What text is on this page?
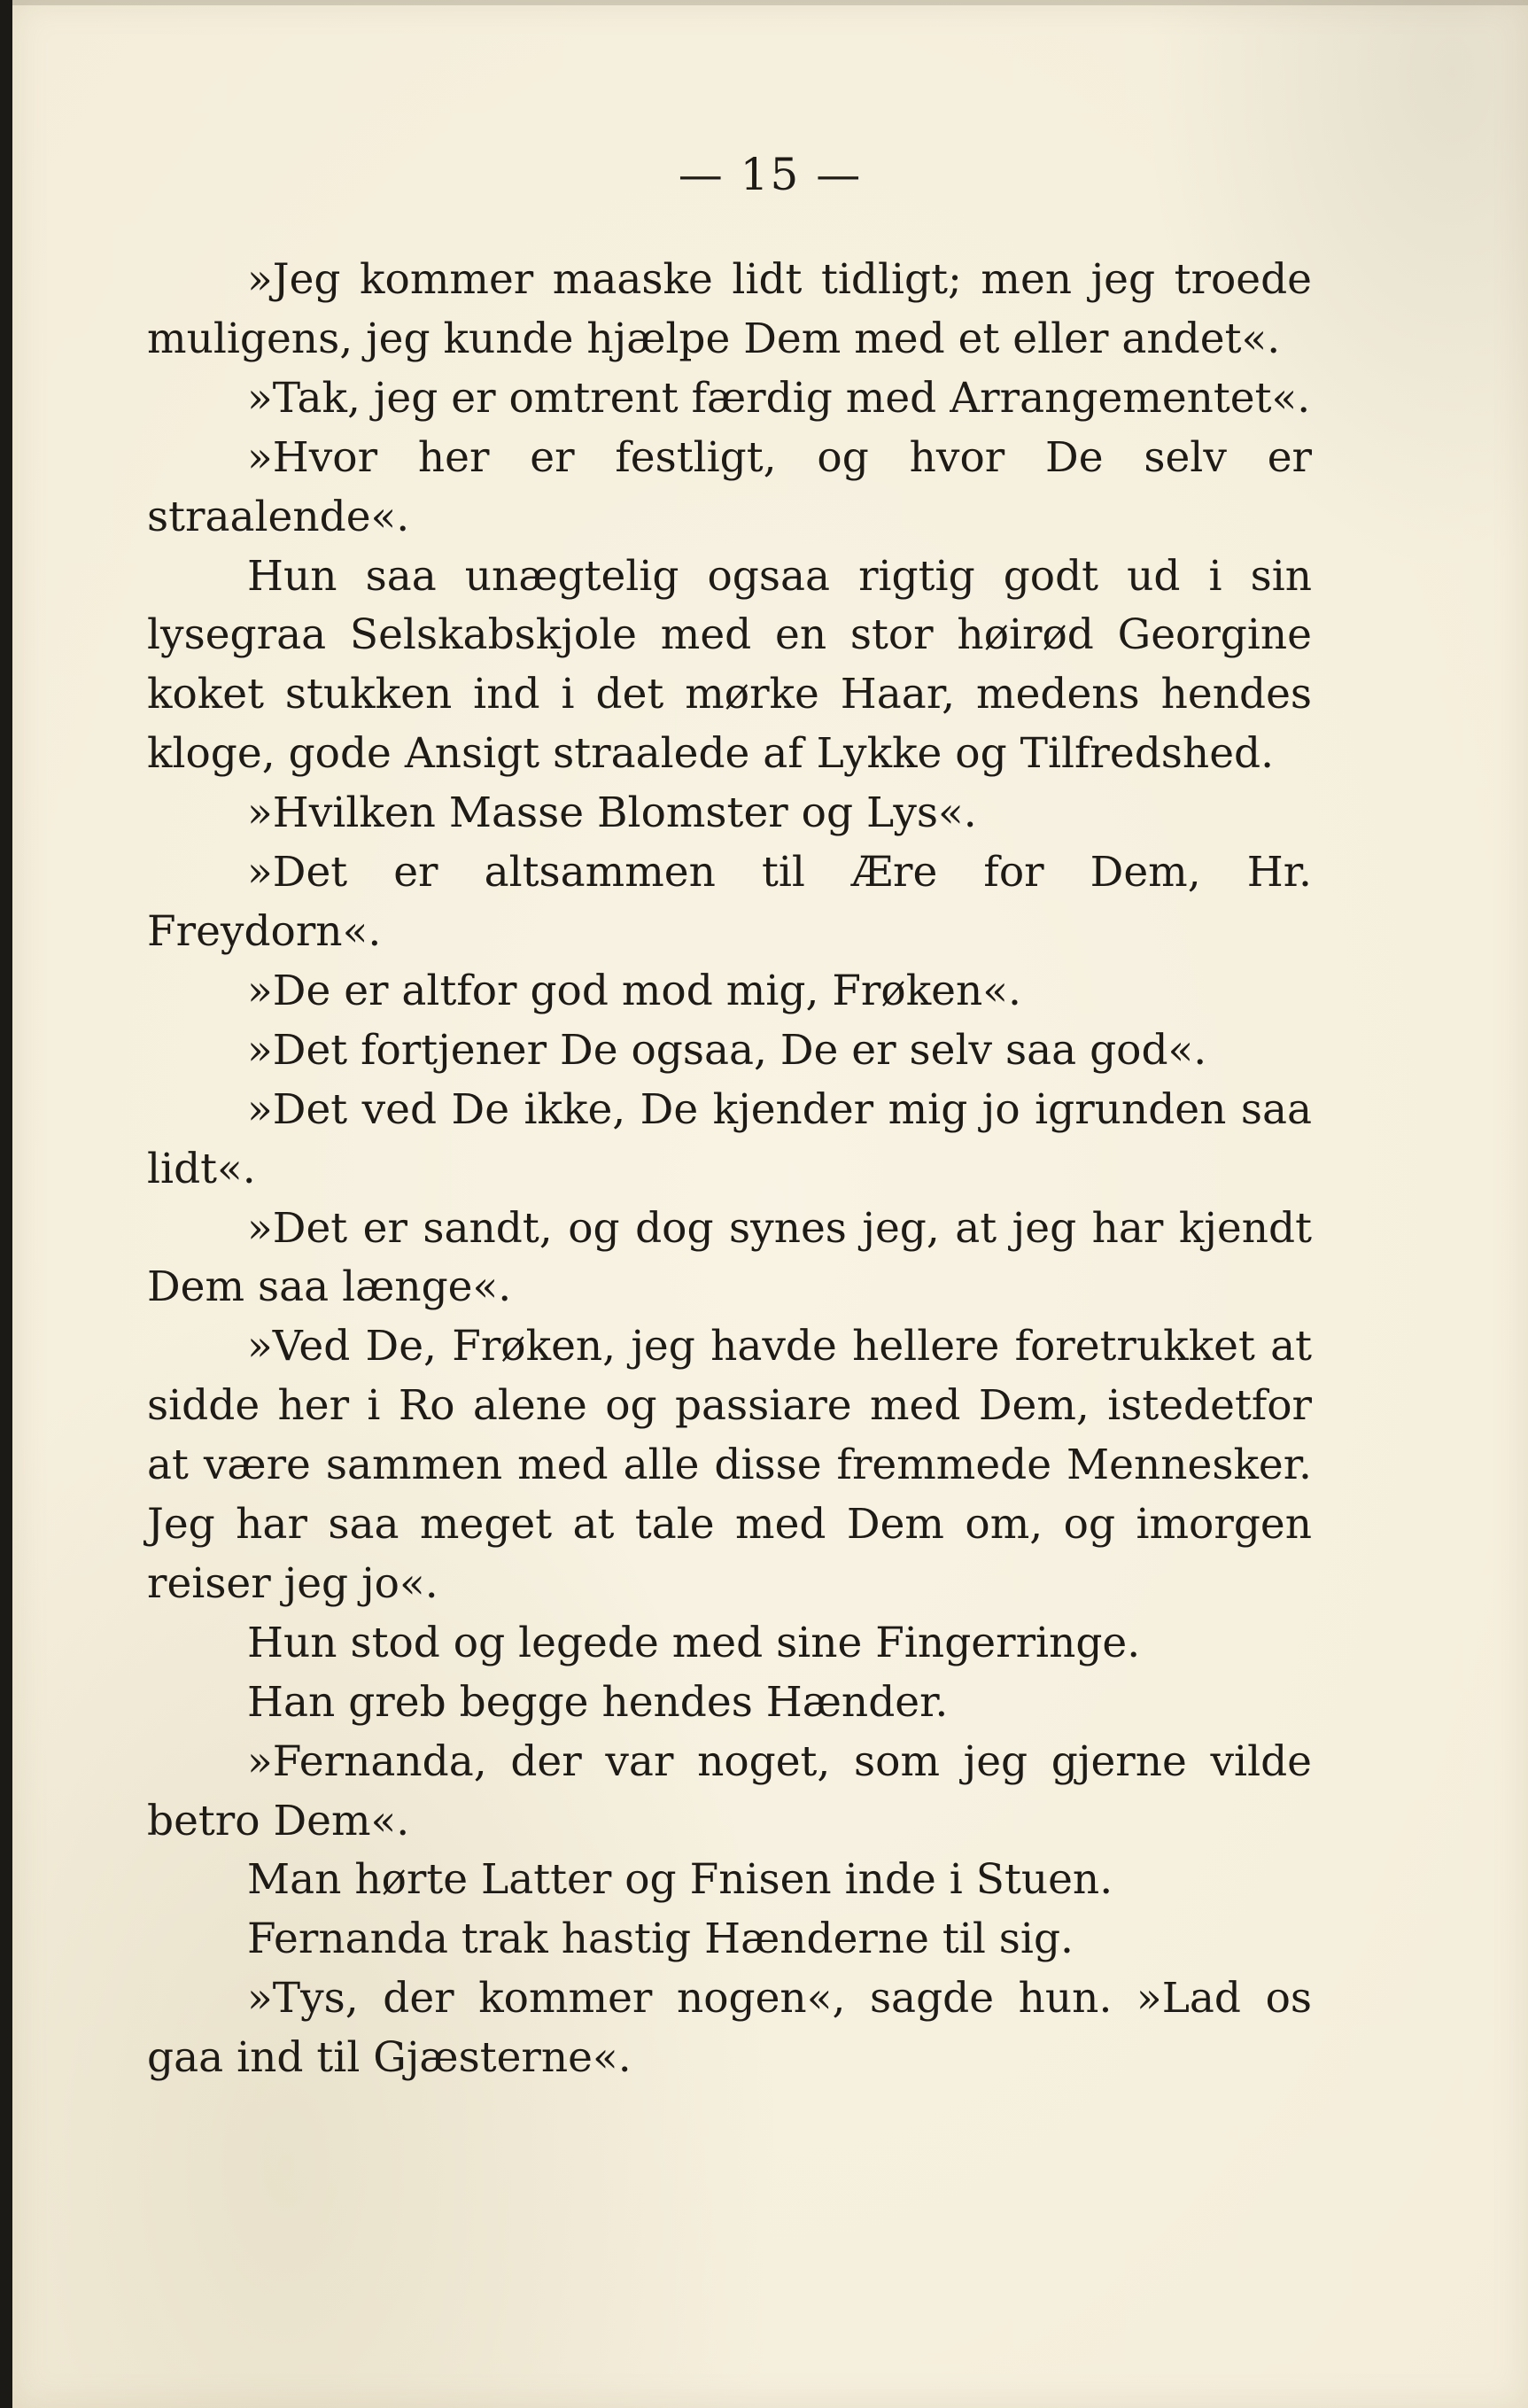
— 15 —

»Jeg kommer maaske lidt tidligt; men jeg troede muligens, jeg kunde hjælpe Dem med et eller andet«.

»Tak, jeg er omtrent færdig med Arrangementet«.

»Hvor her er festligt, og hvor De selv er straalende«.

Hun saa unægtelig ogsaa rigtig godt ud i sin lysegraa Selskabskjole med en stor høirød Georgine koket stukken ind i det mørke Haar, medens hendes kloge, gode Ansigt straalede af Lykke og Tilfredshed.

»Hvilken Masse Blomster og Lys«.

»Det er altsammen til Ære for Dem, Hr. Freydorn«.

»De er altfor god mod mig, Frøken«.

»Det fortjener De ogsaa, De er selv saa god«.

»Det ved De ikke, De kjender mig jo igrunden saa lidt«.

»Det er sandt, og dog synes jeg, at jeg har kjendt Dem saa længe«.

»Ved De, Frøken, jeg havde hellere foretrukket at sidde her i Ro alene og passiare med Dem, istedetfor at være sammen med alle disse fremmede Mennesker. Jeg har saa meget at tale med Dem om, og imorgen reiser jeg jo«.

Hun stod og legede med sine Fingerringe.

Han greb begge hendes Hænder.

»Fernanda, der var noget, som jeg gjerne vilde betro Dem«.

Man hørte Latter og Fnisen inde i Stuen.

Fernanda trak hastig Hænderne til sig.

»Tys, der kommer nogen«, sagde hun. »Lad os gaa ind til Gjæsterne«.
